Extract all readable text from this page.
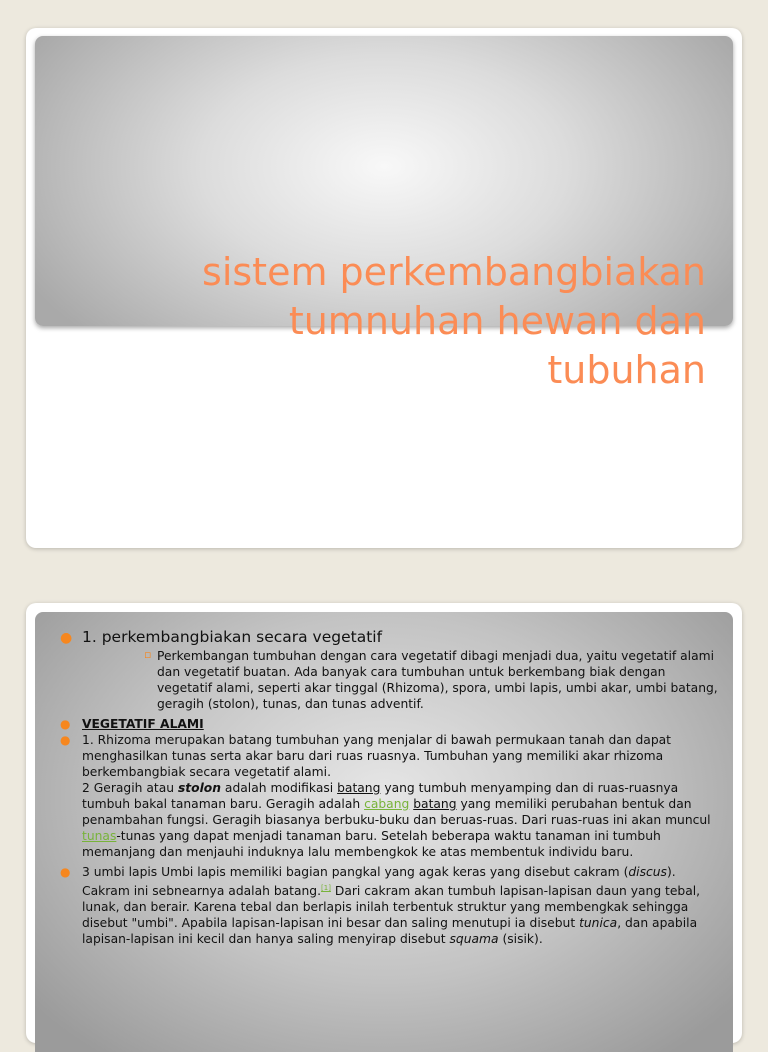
sistem perkembangbiakan
tumnuhan hewan dan
tubuhan

● 1. perkembangbiakan secara vegetatif

▫ Perkembangan tumbuhan dengan cara vegetatif dibagi menjadi dua, yaitu vegetatif alami dan vegetatif buatan. Ada banyak cara tumbuhan untuk berkembang biak dengan vegetatif alami, seperti akar tinggal (Rhizoma), spora, umbi lapis, umbi akar, umbi batang, geragih (stolon), tunas, dan tunas adventif.

● VEGETATIF ALAMI

● 1. Rhizoma merupakan batang tumbuhan yang menjalar di bawah permukaan tanah dan dapat menghasilkan tunas serta akar baru dari ruas ruasnya. Tumbuhan yang memiliki akar rhizoma berkembangbiak secara vegetatif alami.

2 Geragih atau stolon adalah modifikasi batang yang tumbuh menyamping dan di ruas-ruasnya tumbuh bakal tanaman baru. Geragih adalah cabang batang yang memiliki perubahan bentuk dan penambahan fungsi. Geragih biasanya berbuku-buku dan beruas-ruas. Dari ruas-ruas ini akan muncul tunas-tunas yang dapat menjadi tanaman baru. Setelah beberapa waktu tanaman ini tumbuh memanjang dan menjauhi induknya lalu membengkok ke atas membentuk individu baru.

● 3 umbi lapis Umbi lapis memiliki bagian pangkal yang agak keras yang disebut cakram (discus). Cakram ini sebnearnya adalah batang.[1] Dari cakram akan tumbuh lapisan-lapisan daun yang tebal, lunak, dan berair. Karena tebal dan berlapis inilah terbentuk struktur yang membengkak sehingga disebut "umbi". Apabila lapisan-lapisan ini besar dan saling menutupi ia disebut tunica, dan apabila lapisan-lapisan ini kecil dan hanya saling menyirap disebut squama (sisik).
